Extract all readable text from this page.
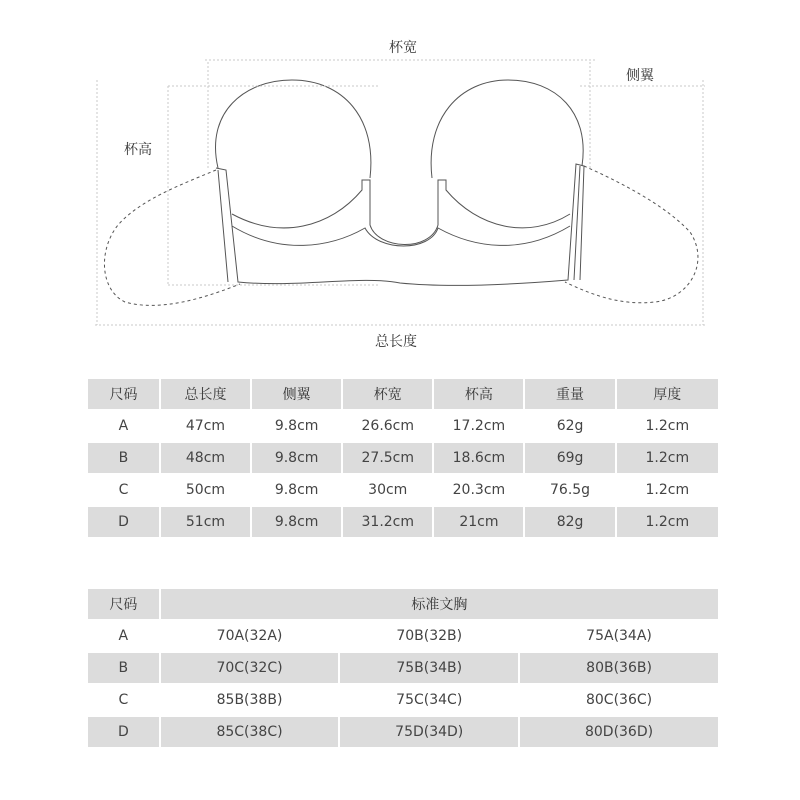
杯宽
侧翼
杯高
总长度
尺码	总长度	侧翼	杯宽	杯高	重量	厚度
A	47cm	9.8cm	26.6cm	17.2cm	62g	1.2cm
B	48cm	9.8cm	27.5cm	18.6cm	69g	1.2cm
C	50cm	9.8cm	30cm	20.3cm	76.5g	1.2cm
D	51cm	9.8cm	31.2cm	21cm	82g	1.2cm
尺码	标准文胸		
A	70A(32A)	70B(32B)	75A(34A)
B	70C(32C)	75B(34B)	80B(36B)
C	85B(38B)	75C(34C)	80C(36C)
D	85C(38C)	75D(34D)	80D(36D)
